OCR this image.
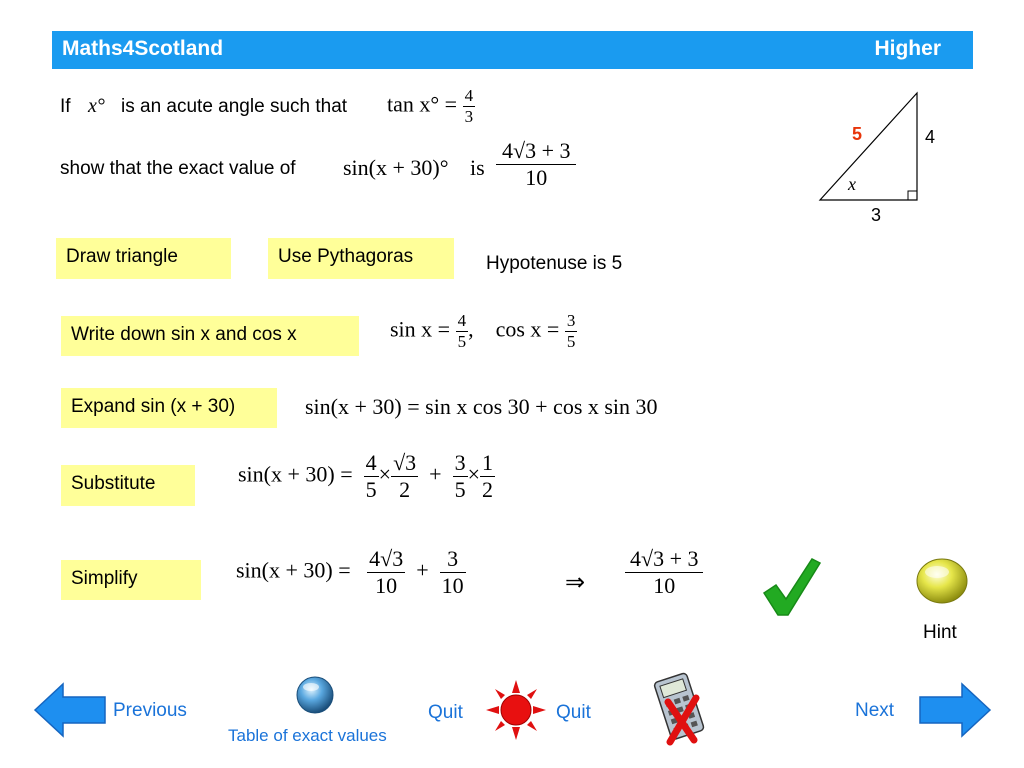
Maths4Scotland	Higher
If x° is an acute angle such that $\tan x^\circ = \frac{4}{3}$
show that the exact value of sin(x + 30)° is $\frac{4√3 + 3}{10}$
5	4
3
x
Draw triangle	Use Pythagoras	Hypotenuse is 5
Write down sin x and cos x	$\sin x = \frac{4}{5}$ ,    $\cos x = \frac{3}{5}$
Expand sin (x + 30)	sin(x + 30) = sin x cos 30 + cos x sin 30
Substitute	$\sin(x + 30) = \frac{4}{5} \times \frac{√3}{2} + \frac{3}{5} \times \frac{1}{2}$
Simplify	$\sin(x + 30) = \frac{4√3}{10} + \frac{3}{10}$	⇒ $\frac{4√3 + 3}{10}$
Hint
Previous
Table of exact values
Quit	Quit	Next
